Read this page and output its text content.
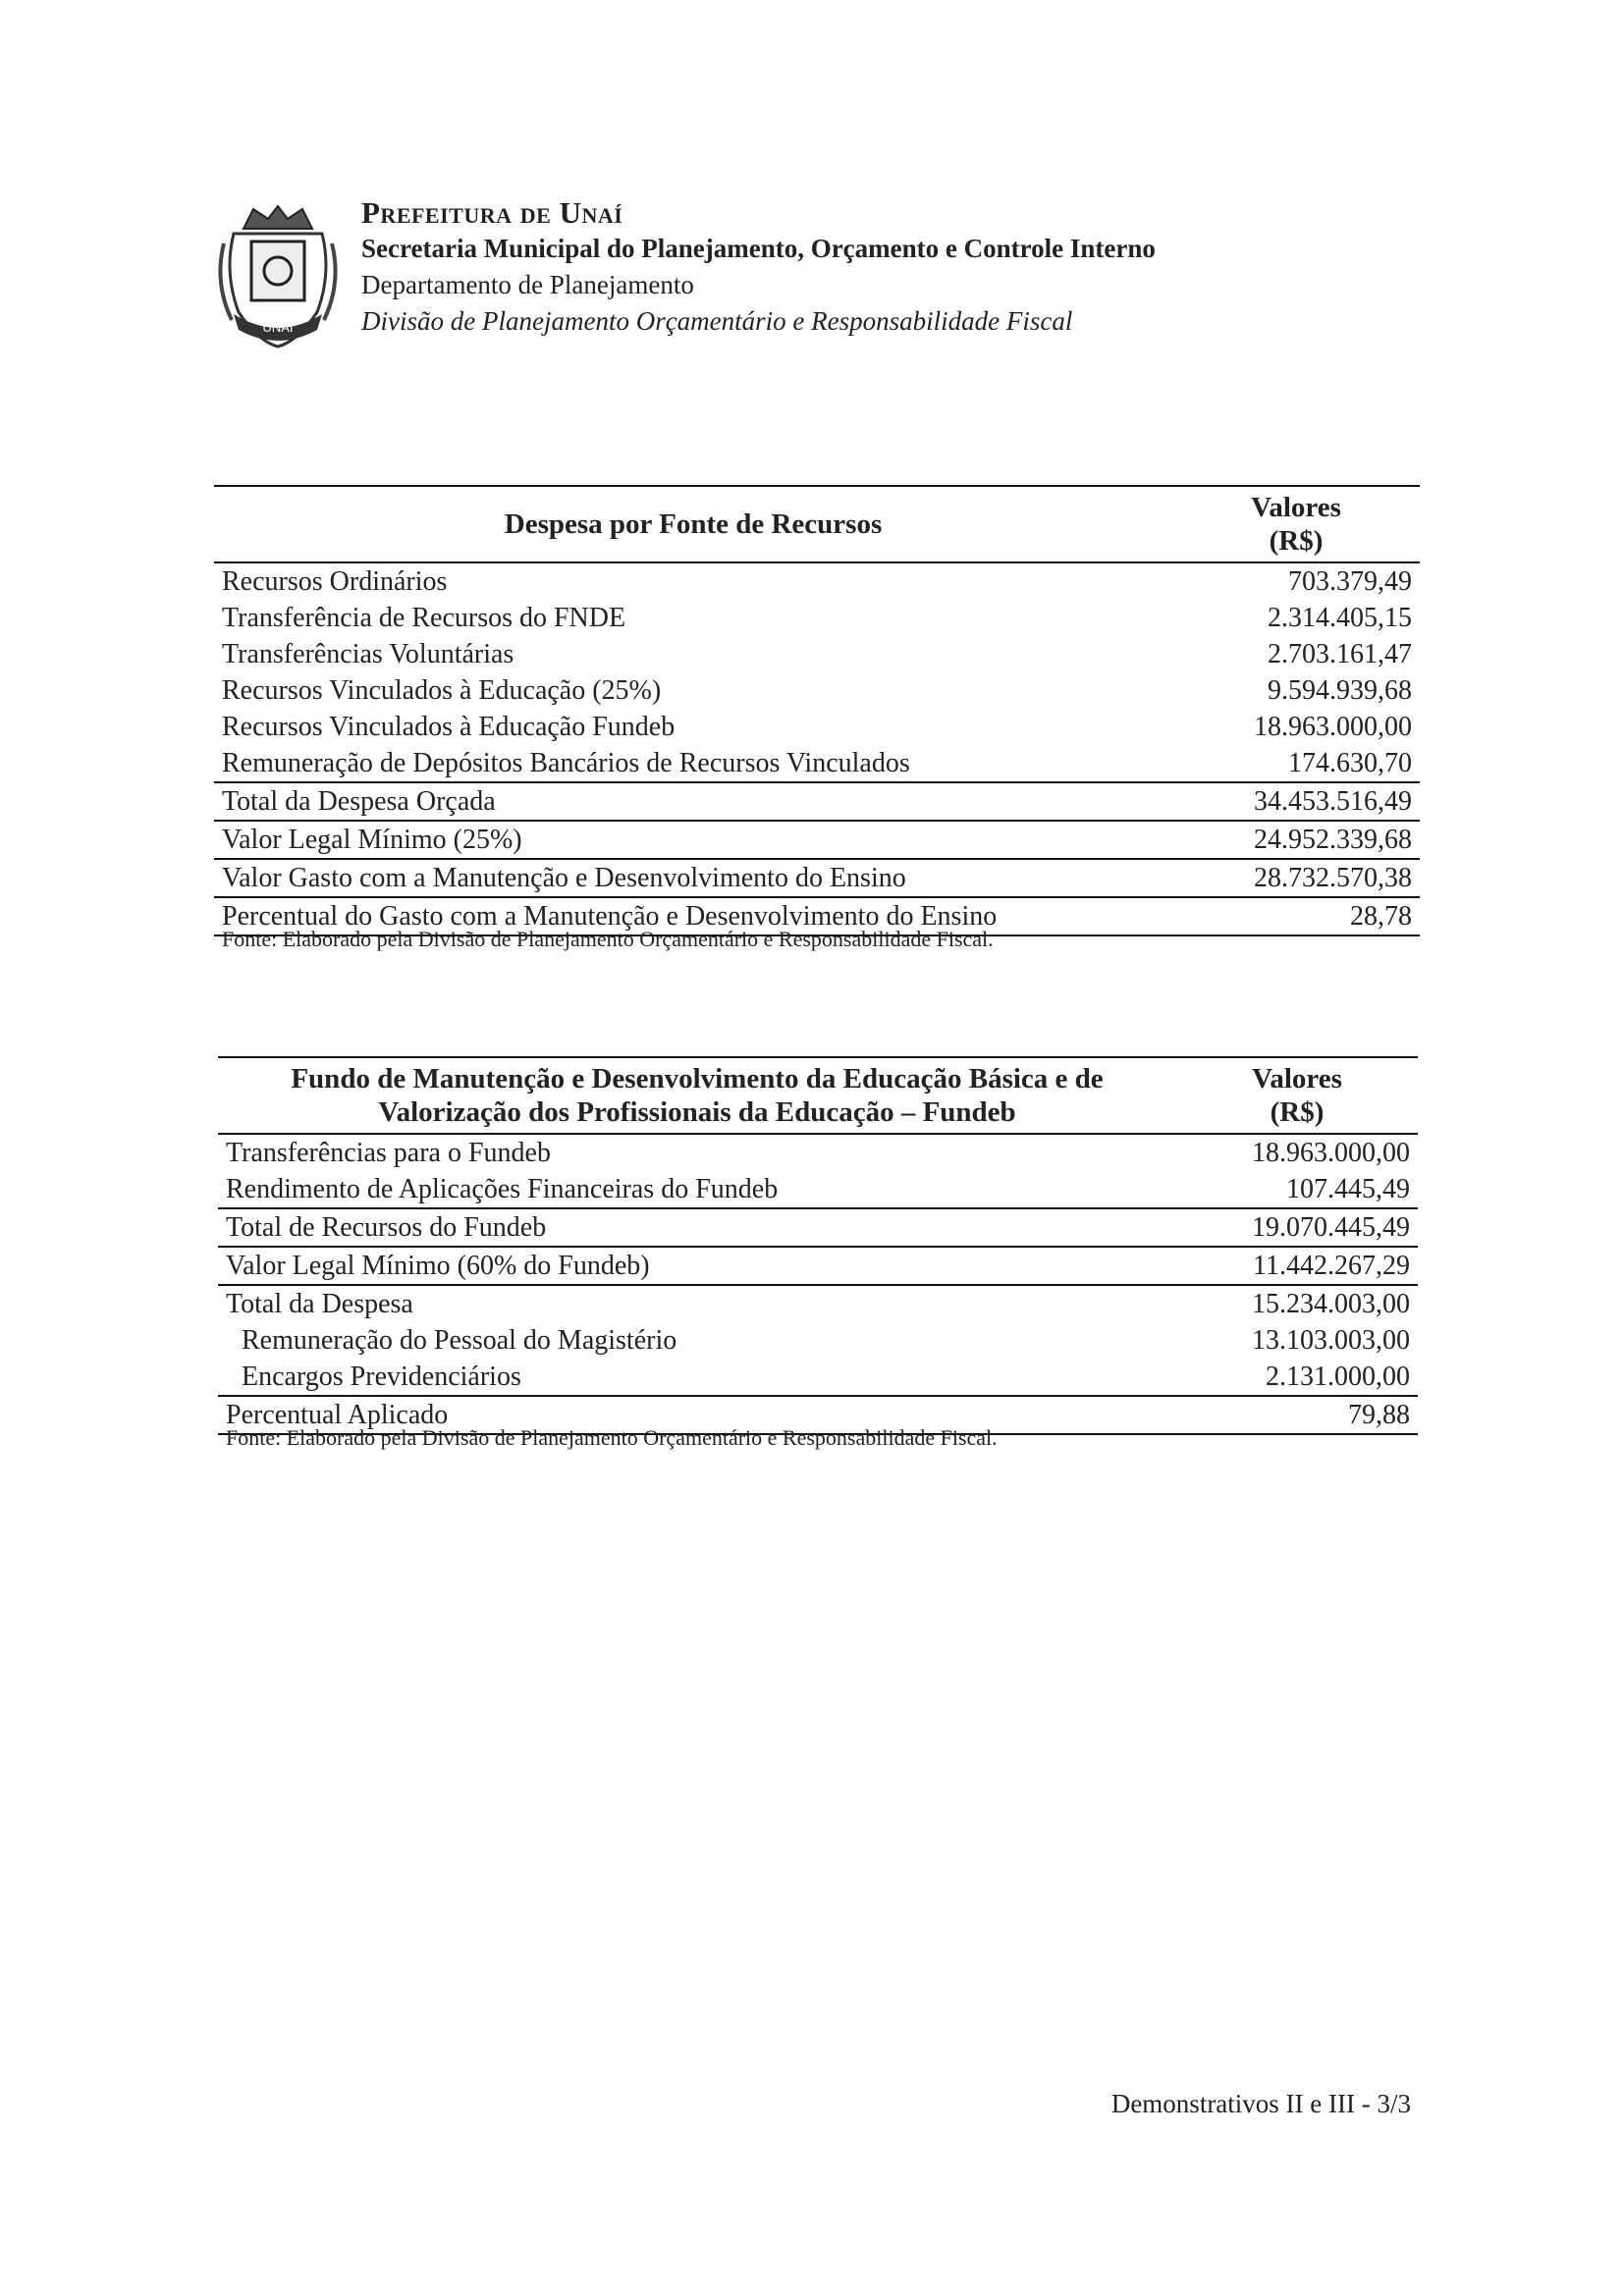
UNAÍ
Prefeitura de Unaí
Secretaria Municipal do Planejamento, Orçamento e Controle Interno
Departamento de Planejamento
Divisão de Planejamento Orçamentário e Responsabilidade Fiscal
Despesa por Fonte de Recursos	Valores
(R$)
Recursos Ordinários	703.379,49
Transferência de Recursos do FNDE	2.314.405,15
Transferências Voluntárias	2.703.161,47
Recursos Vinculados à Educação (25%)	9.594.939,68
Recursos Vinculados à Educação Fundeb	18.963.000,00
Remuneração de Depósitos Bancários de Recursos Vinculados	174.630,70
Total da Despesa Orçada	34.453.516,49
Valor Legal Mínimo (25%)	24.952.339,68
Valor Gasto com a Manutenção e Desenvolvimento do Ensino	28.732.570,38
Percentual do Gasto com a Manutenção e Desenvolvimento do Ensino	28,78
Fonte: Elaborado pela Divisão de Planejamento Orçamentário e Responsabilidade Fiscal.
Fundo de Manutenção e Desenvolvimento da Educação Básica e de
Valorização dos Profissionais da Educação – Fundeb	Valores
(R$)
Transferências para o Fundeb	18.963.000,00
Rendimento de Aplicações Financeiras do Fundeb	107.445,49
Total de Recursos do Fundeb	19.070.445,49
Valor Legal Mínimo (60% do Fundeb)	11.442.267,29
Total da Despesa	15.234.003,00
Remuneração do Pessoal do Magistério	13.103.003,00
Encargos Previdenciários	2.131.000,00
Percentual Aplicado	79,88
Fonte: Elaborado pela Divisão de Planejamento Orçamentário e Responsabilidade Fiscal.
Demonstrativos II e III - 3/3
